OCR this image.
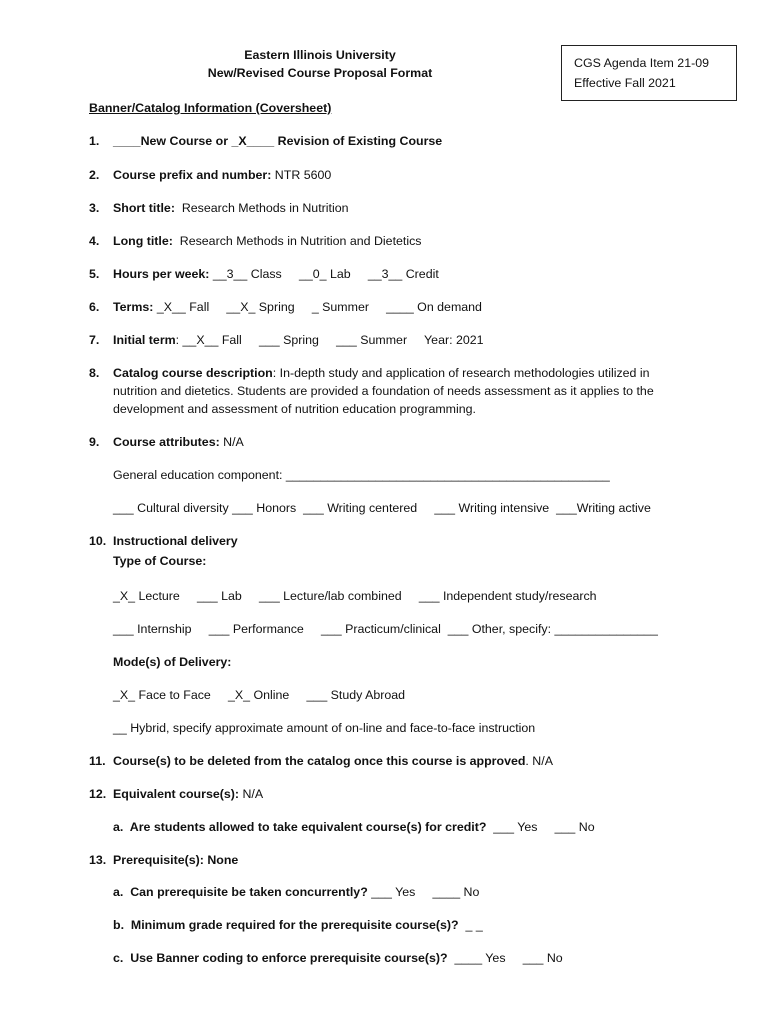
Eastern Illinois University
New/Revised Course Proposal Format
CGS Agenda Item 21-09
Effective Fall 2021
Banner/Catalog Information (Coversheet)
1. ____New Course or _X____ Revision of Existing Course
2. Course prefix and number: NTR 5600
3. Short title:  Research Methods in Nutrition
4. Long title:  Research Methods in Nutrition and Dietetics
5. Hours per week: __3__ Class     __0_ Lab     __3__ Credit
6. Terms: _X__ Fall     __X_ Spring     _ Summer     ____ On demand
7. Initial term: __X__ Fall     ___ Spring     ___ Summer     Year: 2021
8. Catalog course description: In-depth study and application of research methodologies utilized in nutrition and dietetics. Students are provided a foundation of needs assessment as it applies to the development and assessment of nutrition education programming.
9. Course attributes: N/A
General education component: _______________________________________________
___ Cultural diversity ___ Honors  ___ Writing centered     ___ Writing intensive  ___Writing active
10. Instructional delivery
Type of Course:
_X_ Lecture     ___ Lab     ___ Lecture/lab combined     ___ Independent study/research
___ Internship     ___ Performance     ___ Practicum/clinical  ___ Other, specify: _______________
Mode(s) of Delivery:
_X_ Face to Face     _X_ Online     ___ Study Abroad
__ Hybrid, specify approximate amount of on-line and face-to-face instruction
11. Course(s) to be deleted from the catalog once this course is approved. N/A
12. Equivalent course(s): N/A
a.  Are students allowed to take equivalent course(s) for credit?  ___ Yes     ___ No
13. Prerequisite(s): None
a.  Can prerequisite be taken concurrently? ___ Yes     ____ No
b.  Minimum grade required for the prerequisite course(s)?  _ _
c.  Use Banner coding to enforce prerequisite course(s)?  ____ Yes     ___ No
